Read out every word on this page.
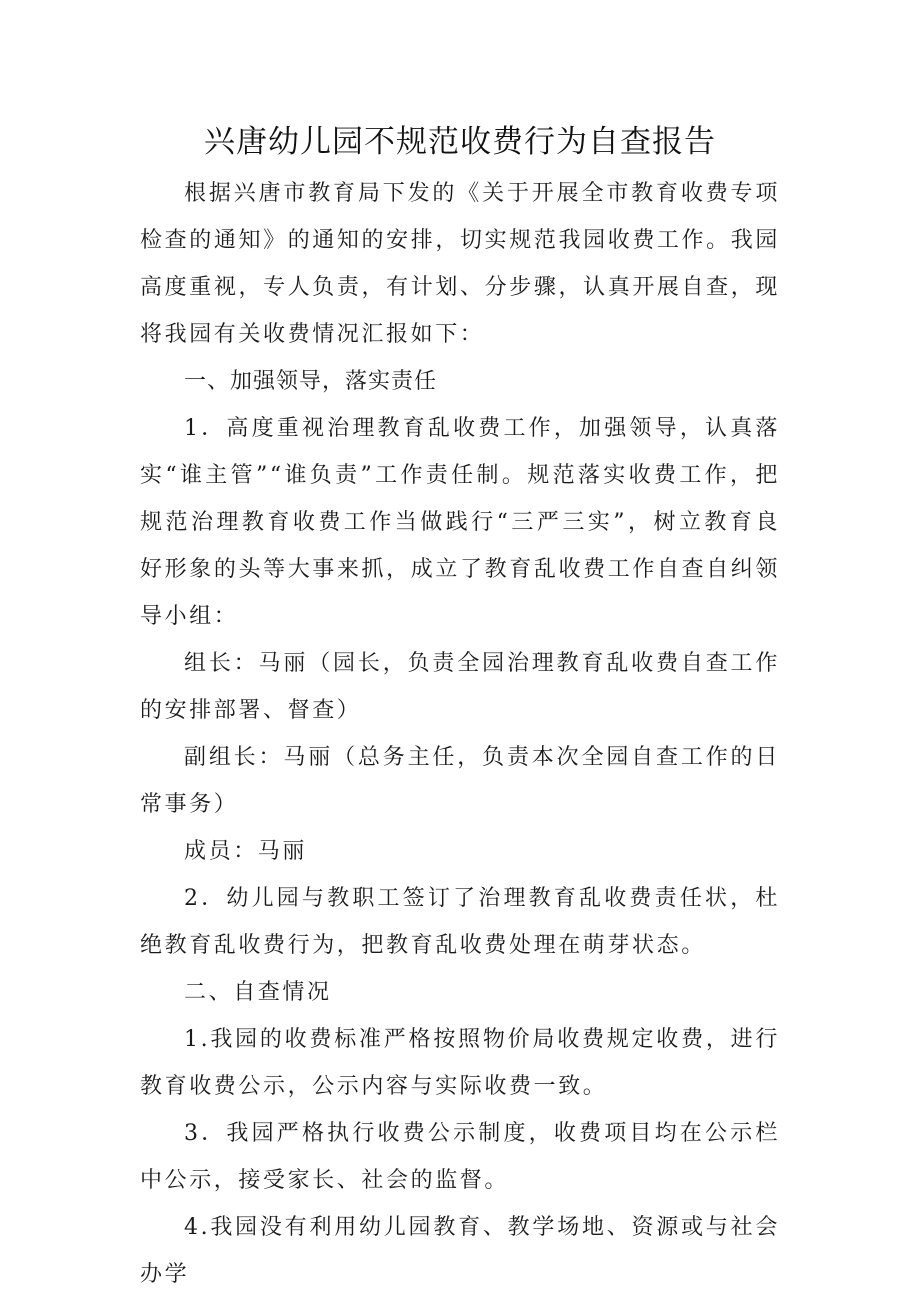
兴唐幼儿园不规范收费行为自查报告

根据兴唐市教育局下发的《关于开展全市教育收费专项检查的通知》的通知的安排，切实规范我园收费工作。我园高度重视，专人负责，有计划、分步骤，认真开展自查，现将我园有关收费情况汇报如下：

一、加强领导，落实责任

1．高度重视治理教育乱收费工作，加强领导，认真落实“谁主管”“谁负责”工作责任制。规范落实收费工作，把规范治理教育收费工作当做践行“三严三实”，树立教育良好形象的头等大事来抓，成立了教育乱收费工作自查自纠领导小组：

组长：马丽（园长，负责全园治理教育乱收费自查工作的安排部署、督查）

副组长：马丽（总务主任，负责本次全园自查工作的日常事务）

成员：马丽

2．幼儿园与教职工签订了治理教育乱收费责任状，杜绝教育乱收费行为，把教育乱收费处理在萌芽状态。

二、自查情况

1.我园的收费标准严格按照物价局收费规定收费，进行教育收费公示，公示内容与实际收费一致。

3．我园严格执行收费公示制度，收费项目均在公示栏中公示，接受家长、社会的监督。

4.我园没有利用幼儿园教育、教学场地、资源或与社会办学
